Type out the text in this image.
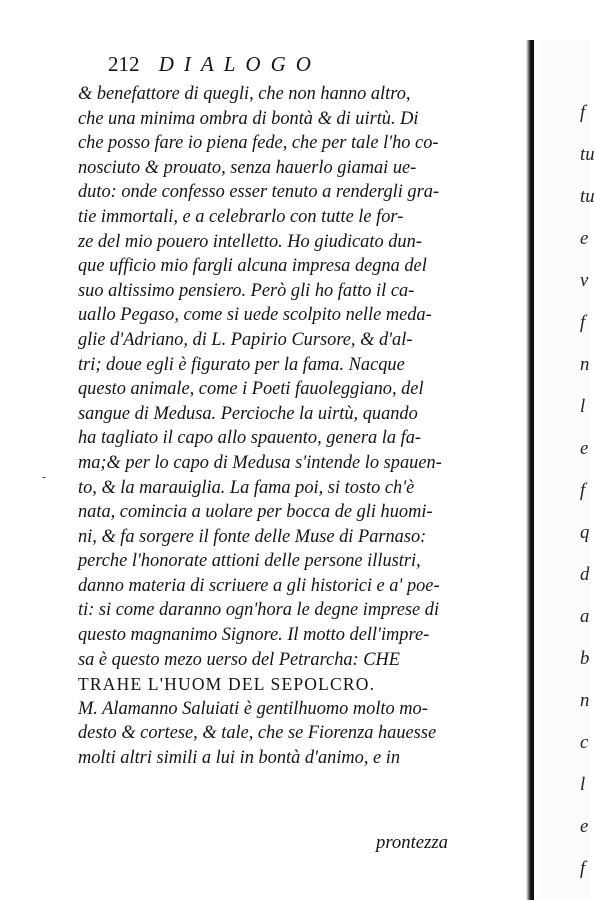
212 DIALOGO
& benefattore di quegli, che non hanno altro,
che una minima ombra di bontà & di uirtù. Di
che posso fare io piena fede, che per tale l'ho co-
nosciuto & prouato, senza hauerlo giamai ue-
duto: onde confesso esser tenuto a rendergli gra-
tie immortali, e a celebrarlo con tutte le for-
ze del mio pouero intelletto. Ho giudicato dun-
que ufficio mio fargli alcuna impresa degna del
suo altissimo pensiero. Però gli ho fatto il ca-
uallo Pegaso, come si uede scolpito nelle meda-
glie d'Adriano, di L. Papirio Cursore, & d'al-
tri; doue egli è figurato per la fama. Nacque
questo animale, come i Poeti fauoleggiano, del
sangue di Medusa. Percioche la uirtù, quando
ha tagliato il capo allo spauento, genera la fa-
ma;& per lo capo di Medusa s'intende lo spauen-
to, & la marauiglia. La fama poi, si tosto ch'è
nata, comincia a uolare per bocca de gli huomi-
ni, & fa sorgere il fonte delle Muse di Parnaso:
perche l'honorate attioni delle persone illustri,
danno materia di scriuere a gli historici e a' poe-
ti: si come daranno ogn'hora le degne imprese di
questo magnanimo Signore. Il motto dell'impre-
sa è questo mezo uerso del Petrarcha: CHE
TRAHE L'HUOM DEL SEPOLCRO.
M. Alamanno Saluiati è gentilhuomo molto mo-
desto & cortese, & tale, che se Fiorenza hauesse
molti altri simili a lui in bontà d'animo, e in
prontezza
-
f
tu
tu
e
v
f
n
l
e
f
q
d
a
b
n
c
l
e
f
